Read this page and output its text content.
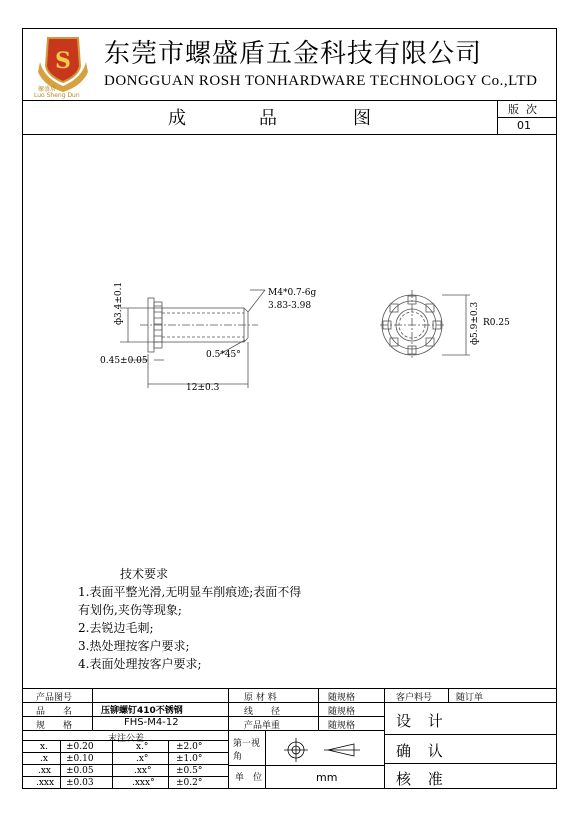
S
螺盛盾
Luo Sheng Dun
东莞市螺盛盾五金科技有限公司
DONGGUAN ROSH TONHARDWARE TECHNOLOGY Co.,LTD
成	品	图	版  次
01
M4*0.7-6g
3.83-3.98
ф3.4±0.1
0.45±0.05
0.5*45°
12±0.3
ф5.9±0.3 R0.25
技术要求
1.表面平整光滑,无明显车削痕迹;表面不得
有划伤,夹伤等现象;
2.去锐边毛刺;
3.热处理按客户要求;
4.表面处理按客户要求;
产品图号
品　　名	压铆螺钉410不锈钢
规　　格	FHS-M4-12
末注公差
原 材 料	随规格
线　　径	随规格
产品单重	随规格
客户料号	随订单
设 计
确 认
核 准
第一视角
单　位	mm
x. ±0.20	x.°	±2.0°
.x ±0.10	.x°	±1.0°
.xx ±0.05	.xx°	±0.5°
.xxx ±0.03	.xxx° ±0.2°
